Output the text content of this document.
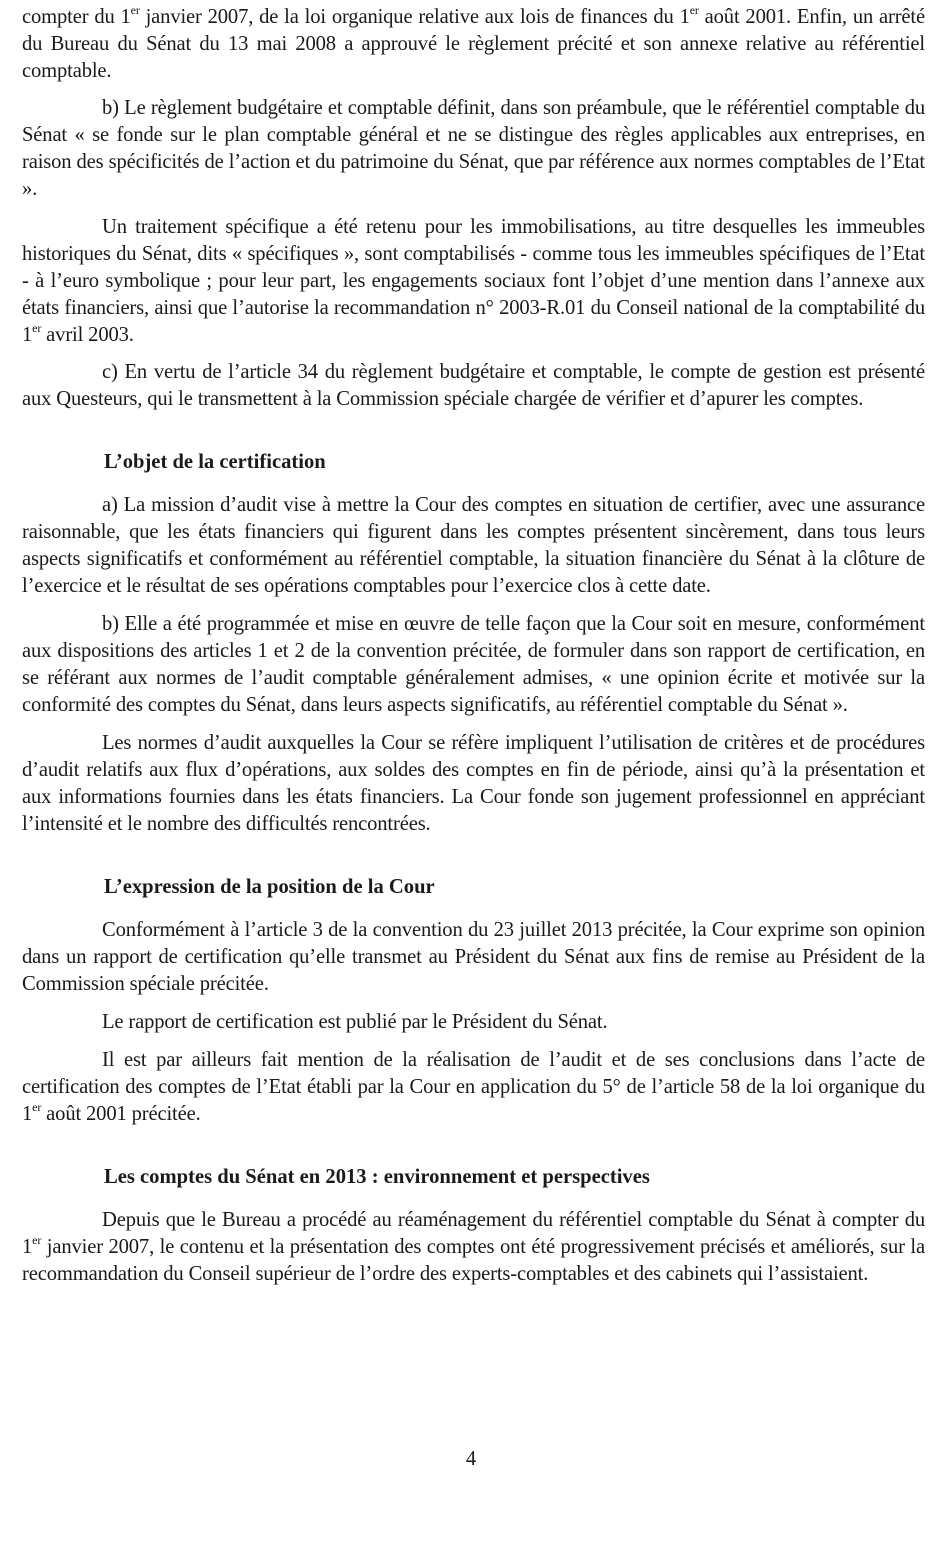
compter du 1er janvier 2007, de la loi organique relative aux lois de finances du 1er août 2001. Enfin, un arrêté du Bureau du Sénat du 13 mai 2008 a approuvé le règlement précité et son annexe relative au référentiel comptable.

b) Le règlement budgétaire et comptable définit, dans son préambule, que le référentiel comptable du Sénat « se fonde sur le plan comptable général et ne se distingue des règles applicables aux entreprises, en raison des spécificités de l’action et du patrimoine du Sénat, que par référence aux normes comptables de l’Etat ».

Un traitement spécifique a été retenu pour les immobilisations, au titre desquelles les immeubles historiques du Sénat, dits « spécifiques », sont comptabilisés - comme tous les immeubles spécifiques de l’Etat - à l’euro symbolique ; pour leur part, les engagements sociaux font l’objet d’une mention dans l’annexe aux états financiers, ainsi que l’autorise la recommandation n° 2003-R.01 du Conseil national de la comptabilité du 1er avril 2003.

c) En vertu de l’article 34 du règlement budgétaire et comptable, le compte de gestion est présenté aux Questeurs, qui le transmettent à la Commission spéciale chargée de vérifier et d’apurer les comptes.

L’objet de la certification

a) La mission d’audit vise à mettre la Cour des comptes en situation de certifier, avec une assurance raisonnable, que les états financiers qui figurent dans les comptes présentent sincèrement, dans tous leurs aspects significatifs et conformément au référentiel comptable, la situation financière du Sénat à la clôture de l’exercice et le résultat de ses opérations comptables pour l’exercice clos à cette date.

b) Elle a été programmée et mise en œuvre de telle façon que la Cour soit en mesure, conformément aux dispositions des articles 1 et 2 de la convention précitée, de formuler dans son rapport de certification, en se référant aux normes de l’audit comptable généralement admises, « une opinion écrite et motivée sur la conformité des comptes du Sénat, dans leurs aspects significatifs, au référentiel comptable du Sénat ».

Les normes d’audit auxquelles la Cour se réfère impliquent l’utilisation de critères et de procédures d’audit relatifs aux flux d’opérations, aux soldes des comptes en fin de période, ainsi qu’à la présentation et aux informations fournies dans les états financiers. La Cour fonde son jugement professionnel en appréciant l’intensité et le nombre des difficultés rencontrées.

L’expression de la position de la Cour

Conformément à l’article 3 de la convention du 23 juillet 2013 précitée, la Cour exprime son opinion dans un rapport de certification qu’elle transmet au Président du Sénat aux fins de remise au Président de la Commission spéciale précitée.

Le rapport de certification est publié par le Président du Sénat.

Il est par ailleurs fait mention de la réalisation de l’audit et de ses conclusions dans l’acte de certification des comptes de l’Etat établi par la Cour en application du 5° de l’article 58 de la loi organique du 1er août 2001 précitée.

Les comptes du Sénat en 2013 : environnement et perspectives

Depuis que le Bureau a procédé au réaménagement du référentiel comptable du Sénat à compter du 1er janvier 2007, le contenu et la présentation des comptes ont été progressivement précisés et améliorés, sur la recommandation du Conseil supérieur de l’ordre des experts-comptables et des cabinets qui l’assistaient.

4
